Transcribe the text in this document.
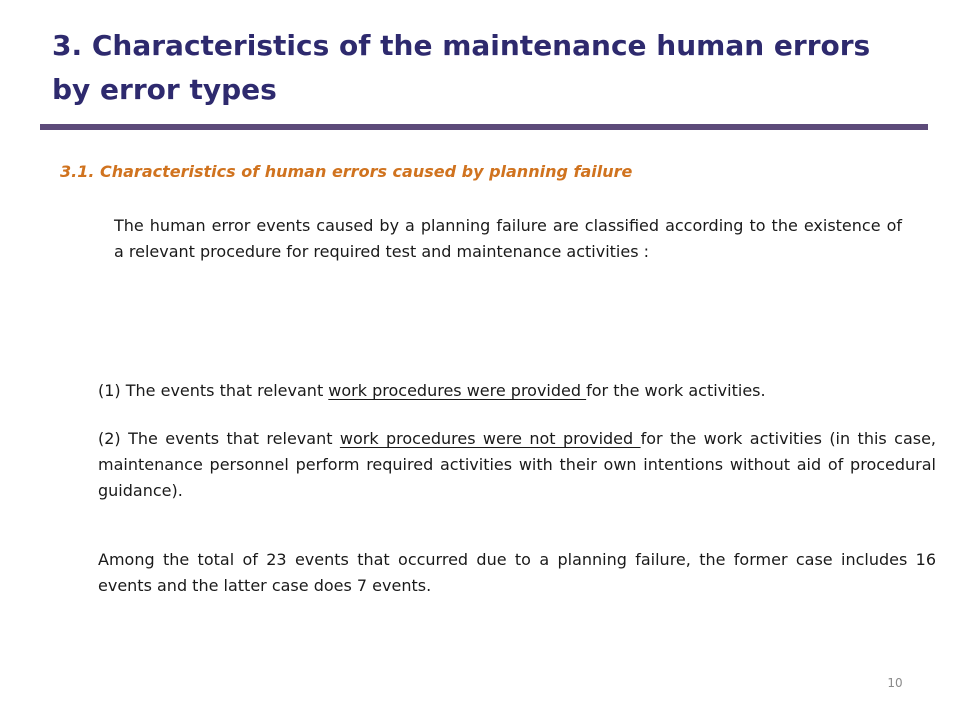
3. Characteristics of the maintenance human errors by error types
3.1. Characteristics of human errors caused by planning failure

The human error events caused by a planning failure are classified according to the existence of a relevant procedure for required test and maintenance activities :

(1) The events that relevant work procedures were provided for the work activities.

(2) The events that relevant work procedures were not provided for the work activities (in this case, maintenance personnel perform required activities with their own intentions without aid of procedural guidance).

Among the total of 23 events that occurred due to a planning failure, the former case includes 16 events and the latter case does 7 events.

10
